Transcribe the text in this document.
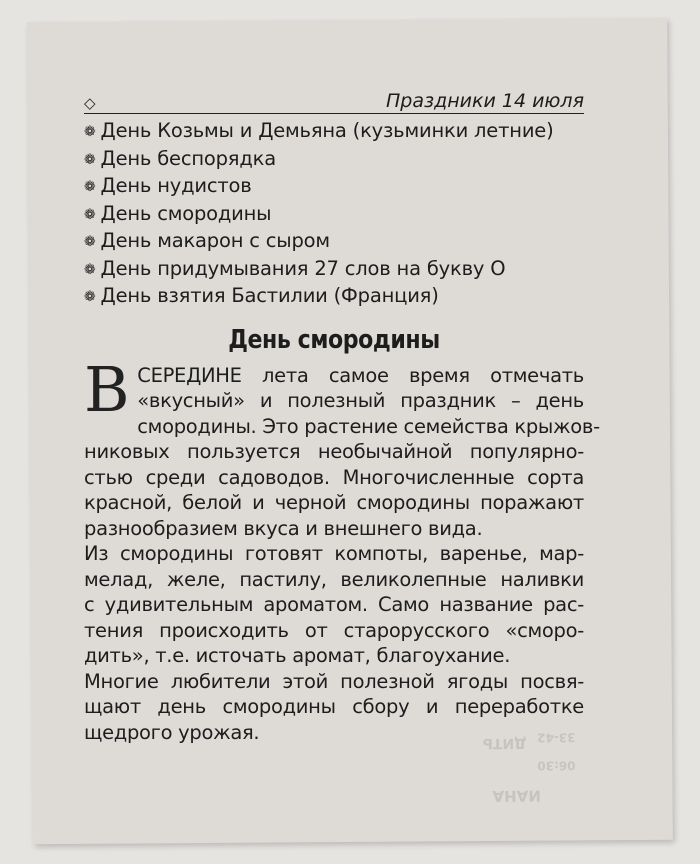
ДИТЬ 33-42
06:30
ИАНА
◇	Праздники 14 июля
❁ День Козьмы и Демьяна (кузьминки летние)
❁ День беспорядка
❁ День нудистов
❁ День смородины
❁ День макарон с сыром
❁ День придумывания 27 слов на букву О
❁ День взятия Бастилии (Франция)
День смородины
В СЕРЕДИНЕ лета самое время отмечать
«вкусный» и полезный праздник – день
смородины. Это растение семейства крыжов-
никовых пользуется необычайной популярно-
стью среди садоводов. Многочисленные сорта
красной, белой и черной смородины поражают
разнообразием вкуса и внешнего вида.
Из смородины готовят компоты, варенье, мар-
мелад, желе, пастилу, великолепные наливки
с удивительным ароматом. Само название рас-
тения происходить от старорусского «сморо-
дить», т.е. источать аромат, благоухание.
Многие любители этой полезной ягоды посвя-
щают день смородины сбору и переработке
щедрого урожая.
